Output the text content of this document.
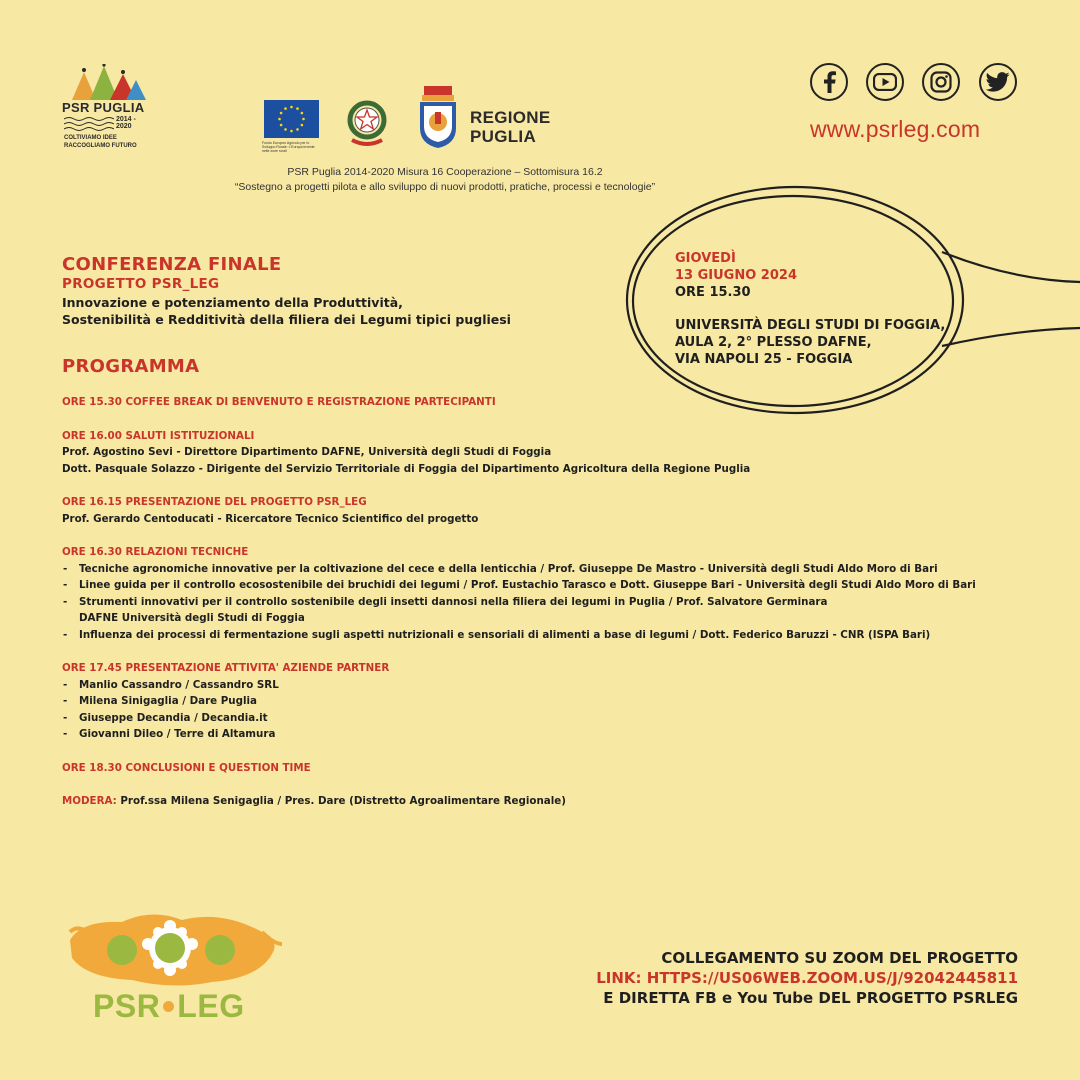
PSR PUGLIA
2014 - 2020
COLTIVIAMO IDEE
RACCOGLIAMO FUTURO	Fondo Europeo Agricolo per lo Sviluppo Rurale: L'Europa investe nelle zone rurali
REGIONE
PUGLIA
PSR Puglia 2014-2020 Misura 16 Cooperazione – Sottomisura 16.2
“Sostegno a progetti pilota e allo sviluppo di nuovi prodotti, pratiche, processi e tecnologie”
www.psrleg.com
GIOVEDÌ
13 GIUGNO 2024
ORE 15.30
UNIVERSITÀ DEGLI STUDI DI FOGGIA,
AULA 2, 2° PLESSO DAFNE,
VIA NAPOLI 25 - FOGGIA
CONFERENZA FINALE
PROGETTO PSR_LEG
Innovazione e potenziamento della Produttività,
Sostenibilità e Redditività della filiera dei Legumi tipici pugliesi
PROGRAMMA
ORE 15.30 COFFEE BREAK DI BENVENUTO E REGISTRAZIONE PARTECIPANTI
ORE 16.00 SALUTI ISTITUZIONALI
Prof. Agostino Sevi - Direttore Dipartimento DAFNE, Università degli Studi di Foggia
Dott. Pasquale Solazzo - Dirigente del Servizio Territoriale di Foggia del Dipartimento Agricoltura della Regione Puglia
ORE 16.15 PRESENTAZIONE DEL PROGETTO PSR_LEG
Prof. Gerardo Centoducati - Ricercatore Tecnico Scientifico del progetto
ORE 16.30 RELAZIONI TECNICHE
- Tecniche agronomiche innovative per la coltivazione del cece e della lenticchia / Prof. Giuseppe De Mastro - Università degli Studi Aldo Moro di Bari
- Linee guida per il controllo ecosostenibile dei bruchidi dei legumi / Prof. Eustachio Tarasco e Dott. Giuseppe Bari - Università degli Studi Aldo Moro di Bari
- Strumenti innovativi per il controllo sostenibile degli insetti dannosi nella filiera dei legumi in Puglia / Prof. Salvatore Germinara
DAFNE Università degli Studi di Foggia
- Influenza dei processi di fermentazione sugli aspetti nutrizionali e sensoriali di alimenti a base di legumi / Dott. Federico Baruzzi - CNR (ISPA Bari)
ORE 17.45 PRESENTAZIONE ATTIVITA' AZIENDE PARTNER
- Manlio Cassandro / Cassandro SRL
- Milena Sinigaglia / Dare Puglia
- Giuseppe Decandia / Decandia.it
- Giovanni Dileo / Terre di Altamura
ORE 18.30 CONCLUSIONI E QUESTION TIME
MODERA: Prof.ssa Milena Senigaglia / Pres. Dare (Distretto Agroalimentare Regionale)
PSR LEG
COLLEGAMENTO SU ZOOM DEL PROGETTO
LINK: HTTPS://US06WEB.ZOOM.US/J/92042445811
E DIRETTA FB e You Tube DEL PROGETTO PSRLEG
